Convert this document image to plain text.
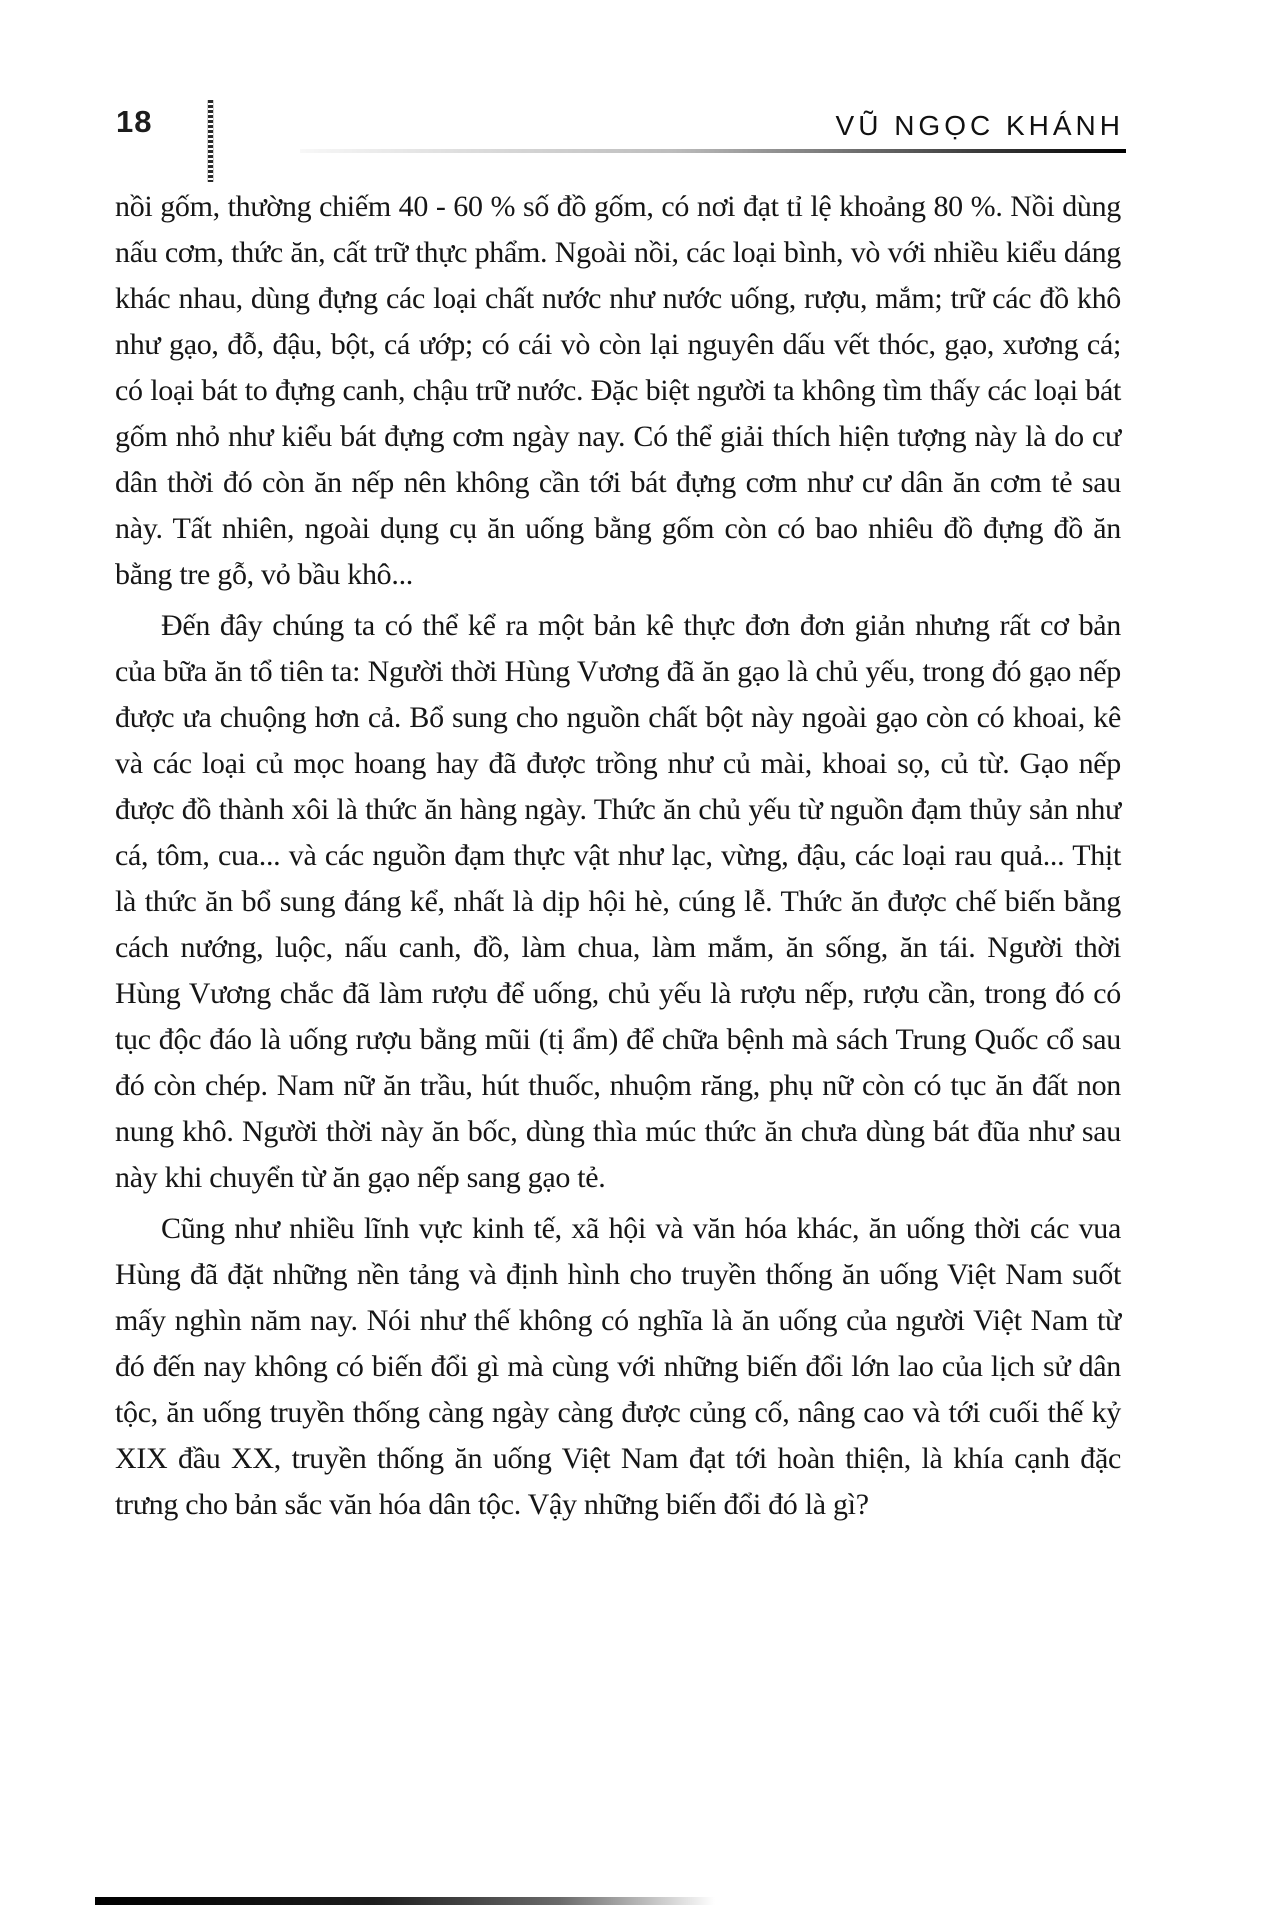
18	VŨ NGỌC KHÁNH

nồi gốm, thường chiếm 40 - 60 % số đồ gốm, có nơi đạt tỉ lệ khoảng 80 %. Nồi dùng nấu cơm, thức ăn, cất trữ thực phẩm. Ngoài nồi, các loại bình, vò với nhiều kiểu dáng khác nhau, dùng đựng các loại chất nước như nước uống, rượu, mắm; trữ các đồ khô như gạo, đỗ, đậu, bột, cá ướp; có cái vò còn lại nguyên dấu vết thóc, gạo, xương cá; có loại bát to đựng canh, chậu trữ nước. Đặc biệt người ta không tìm thấy các loại bát gốm nhỏ như kiểu bát đựng cơm ngày nay. Có thể giải thích hiện tượng này là do cư dân thời đó còn ăn nếp nên không cần tới bát đựng cơm như cư dân ăn cơm tẻ sau này. Tất nhiên, ngoài dụng cụ ăn uống bằng gốm còn có bao nhiêu đồ đựng đồ ăn bằng tre gỗ, vỏ bầu khô...

Đến đây chúng ta có thể kể ra một bản kê thực đơn đơn giản nhưng rất cơ bản của bữa ăn tổ tiên ta: Người thời Hùng Vương đã ăn gạo là chủ yếu, trong đó gạo nếp được ưa chuộng hơn cả. Bổ sung cho nguồn chất bột này ngoài gạo còn có khoai, kê và các loại củ mọc hoang hay đã được trồng như củ mài, khoai sọ, củ từ. Gạo nếp được đồ thành xôi là thức ăn hàng ngày. Thức ăn chủ yếu từ nguồn đạm thủy sản như cá, tôm, cua... và các nguồn đạm thực vật như lạc, vừng, đậu, các loại rau quả... Thịt là thức ăn bổ sung đáng kể, nhất là dịp hội hè, cúng lễ. Thức ăn được chế biến bằng cách nướng, luộc, nấu canh, đồ, làm chua, làm mắm, ăn sống, ăn tái. Người thời Hùng Vương chắc đã làm rượu để uống, chủ yếu là rượu nếp, rượu cần, trong đó có tục độc đáo là uống rượu bằng mũi (tị ẩm) để chữa bệnh mà sách Trung Quốc cổ sau đó còn chép. Nam nữ ăn trầu, hút thuốc, nhuộm răng, phụ nữ còn có tục ăn đất non nung khô. Người thời này ăn bốc, dùng thìa múc thức ăn chưa dùng bát đũa như sau này khi chuyển từ ăn gạo nếp sang gạo tẻ.

Cũng như nhiều lĩnh vực kinh tế, xã hội và văn hóa khác, ăn uống thời các vua Hùng đã đặt những nền tảng và định hình cho truyền thống ăn uống Việt Nam suốt mấy nghìn năm nay. Nói như thế không có nghĩa là ăn uống của người Việt Nam từ đó đến nay không có biến đổi gì mà cùng với những biến đổi lớn lao của lịch sử dân tộc, ăn uống truyền thống càng ngày càng được củng cố, nâng cao và tới cuối thế kỷ XIX đầu XX, truyền thống ăn uống Việt Nam đạt tới hoàn thiện, là khía cạnh đặc trưng cho bản sắc văn hóa dân tộc. Vậy những biến đổi đó là gì?
